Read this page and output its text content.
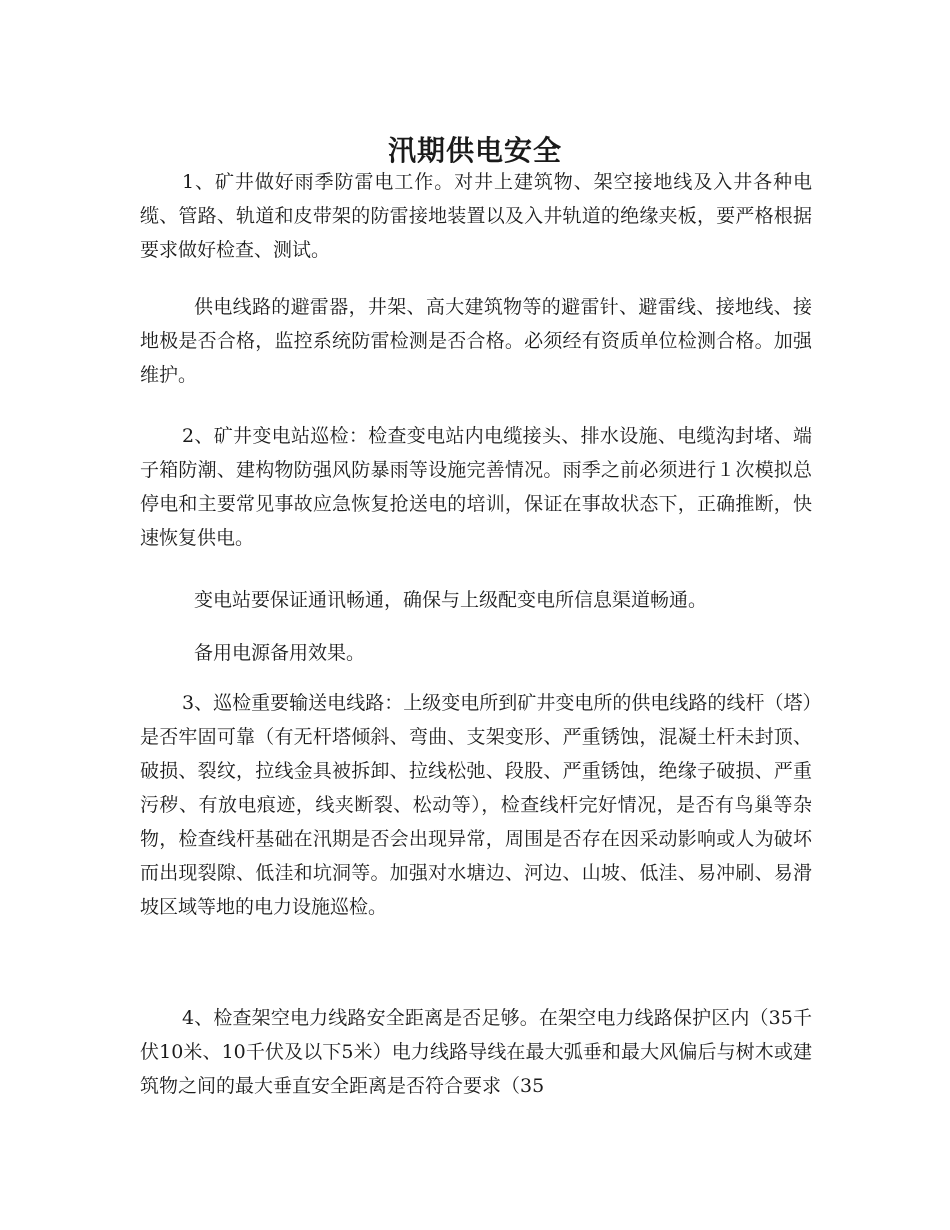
汛期供电安全

1、矿井做好雨季防雷电工作。对井上建筑物、架空接地线及入井各种电缆、管路、轨道和皮带架的防雷接地装置以及入井轨道的绝缘夹板，要严格根据要求做好检查、测试。

供电线路的避雷器，井架、高大建筑物等的避雷针、避雷线、接地线、接地极是否合格，监控系统防雷检测是否合格。必须经有资质单位检测合格。加强维护。

2、矿井变电站巡检：检查变电站内电缆接头、排水设施、电缆沟封堵、端子箱防潮、建构物防强风防暴雨等设施完善情况。雨季之前必须进行１次模拟总停电和主要常见事故应急恢复抢送电的培训，保证在事故状态下，正确推断，快速恢复供电。

变电站要保证通讯畅通，确保与上级配变电所信息渠道畅通。

备用电源备用效果。

3、巡检重要输送电线路：上级变电所到矿井变电所的供电线路的线杆（塔）是否牢固可靠（有无杆塔倾斜、弯曲、支架变形、严重锈蚀，混凝土杆未封顶、破损、裂纹，拉线金具被拆卸、拉线松弛、段股、严重锈蚀，绝缘子破损、严重污秽、有放电痕迹，线夹断裂、松动等），检查线杆完好情况，是否有鸟巢等杂物，检查线杆基础在汛期是否会出现异常，周围是否存在因采动影响或人为破坏而出现裂隙、低洼和坑洞等。加强对水塘边、河边、山坡、低洼、易冲刷、易滑坡区域等地的电力设施巡检。

4、检查架空电力线路安全距离是否足够。在架空电力线路保护区内（35千伏10米、10千伏及以下5米）电力线路导线在最大弧垂和最大风偏后与树木或建筑物之间的最大垂直安全距离是否符合要求（35
